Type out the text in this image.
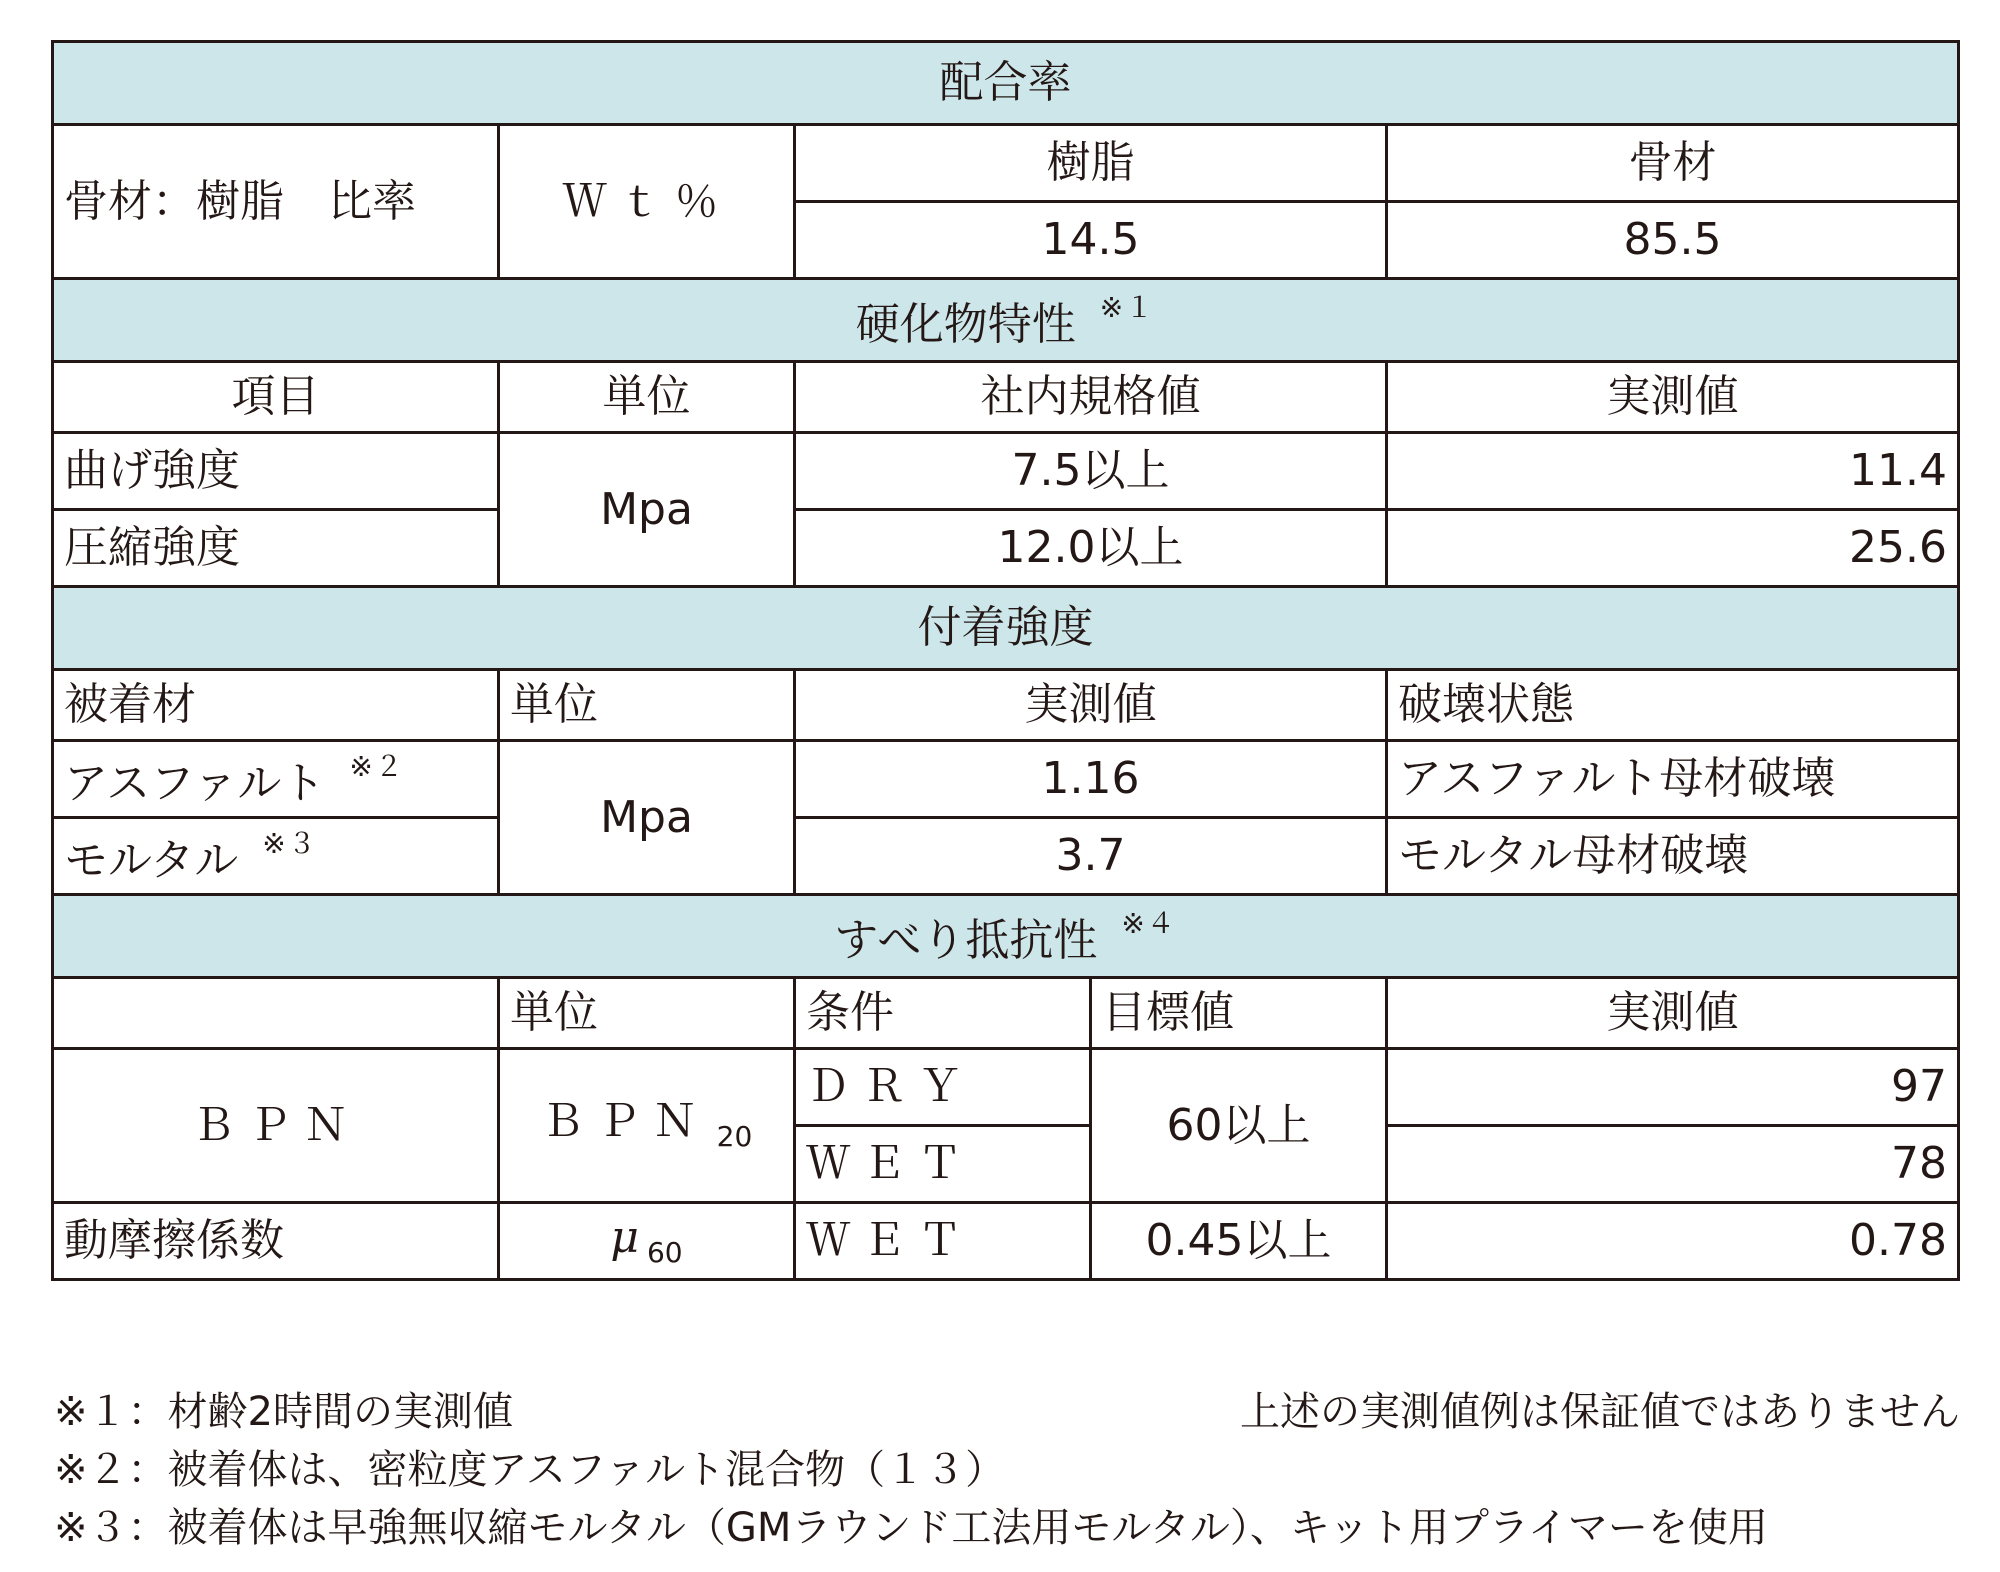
配合率				
骨材：樹脂　比率	Ｗｔ％	樹脂		骨材
		14.5		85.5
硬化物特性 $^{※1}$
項目	単位	社内規格値		実測値
曲げ強度	Mpa	7.5以上		11.4
圧縮強度		12.0以上		25.6
付着強度				
被着材	単位	実測値		破壊状態
アスファルト $^{※2}$	Mpa	1.16		アスファルト母材破壊
モルタル $^{※3}$		3.7		モルタル母材破壊
すべり抵抗性 $^{※4}$
	単位	条件	目標値	実測値
ＢＰＮ	ＢＰＮ $_{20}$	ＤＲＹ	60以上	97
		ＷＥＴ		78
動摩擦係数	μ $_{60}$	ＷＥＴ	0.45以上	0.78
※１：材齢2時間の実測値
※２：被着体は、密粒度アスファルト混合物（１３）
※３：被着体は早強無収縮モルタル（GMラウンド工法用モルタル）、キット用プライマーを使用
上述の実測値例は保証値ではありません
